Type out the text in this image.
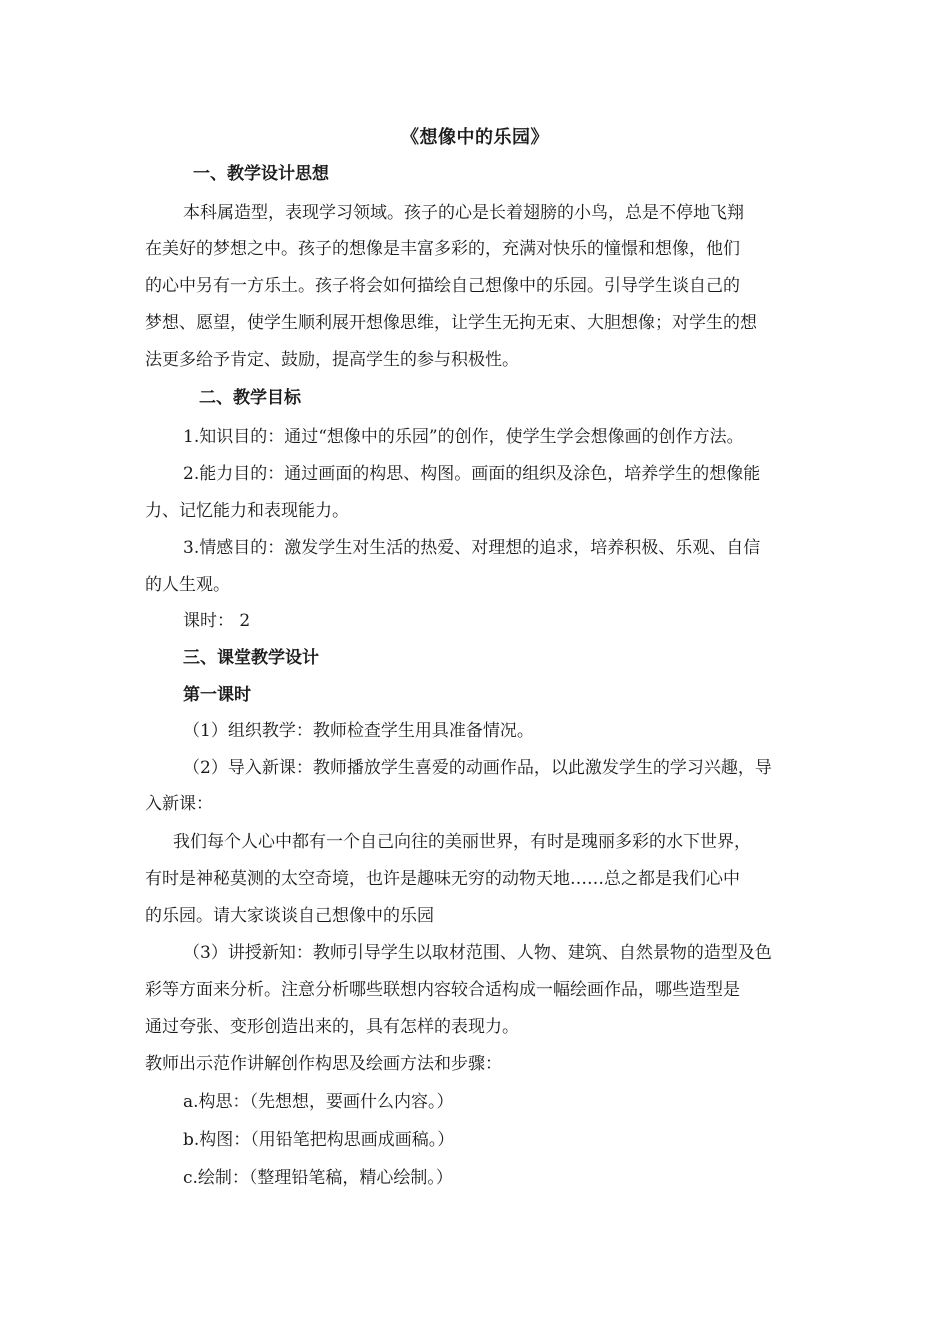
《想像中的乐园》
一、教学设计思想
本科属造型，表现学习领域。孩子的心是长着翅膀的小鸟，总是不停地飞翔
在美好的梦想之中。孩子的想像是丰富多彩的，充满对快乐的憧憬和想像，他们
的心中另有一方乐土。孩子将会如何描绘自己想像中的乐园。引导学生谈自己的
梦想、愿望，使学生顺利展开想像思维，让学生无拘无束、大胆想像；对学生的想
法更多给予肯定、鼓励，提高学生的参与积极性。
二、教学目标
1.知识目的：通过“想像中的乐园”的创作，使学生学会想像画的创作方法。
2.能力目的：通过画面的构思、构图。画面的组织及涂色，培养学生的想像能
力、记忆能力和表现能力。
3.情感目的：激发学生对生活的热爱、对理想的追求，培养积极、乐观、自信
的人生观。
课时： 2
三、课堂教学设计
第一课时
（1）组织教学：教师检查学生用具准备情况。
（2）导入新课：教师播放学生喜爱的动画作品，以此激发学生的学习兴趣，导
入新课：
我们每个人心中都有一个自己向往的美丽世界，有时是瑰丽多彩的水下世界，
有时是神秘莫测的太空奇境，也许是趣味无穷的动物天地……总之都是我们心中
的乐园。请大家谈谈自己想像中的乐园
（3）讲授新知：教师引导学生以取材范围、人物、建筑、自然景物的造型及色
彩等方面来分析。注意分析哪些联想内容较合适构成一幅绘画作品，哪些造型是
通过夸张、变形创造出来的，具有怎样的表现力。
教师出示范作讲解创作构思及绘画方法和步骤：
a.构思：（先想想，要画什么内容。）
b.构图：（用铅笔把构思画成画稿。）
c.绘制：（整理铅笔稿，精心绘制。）
